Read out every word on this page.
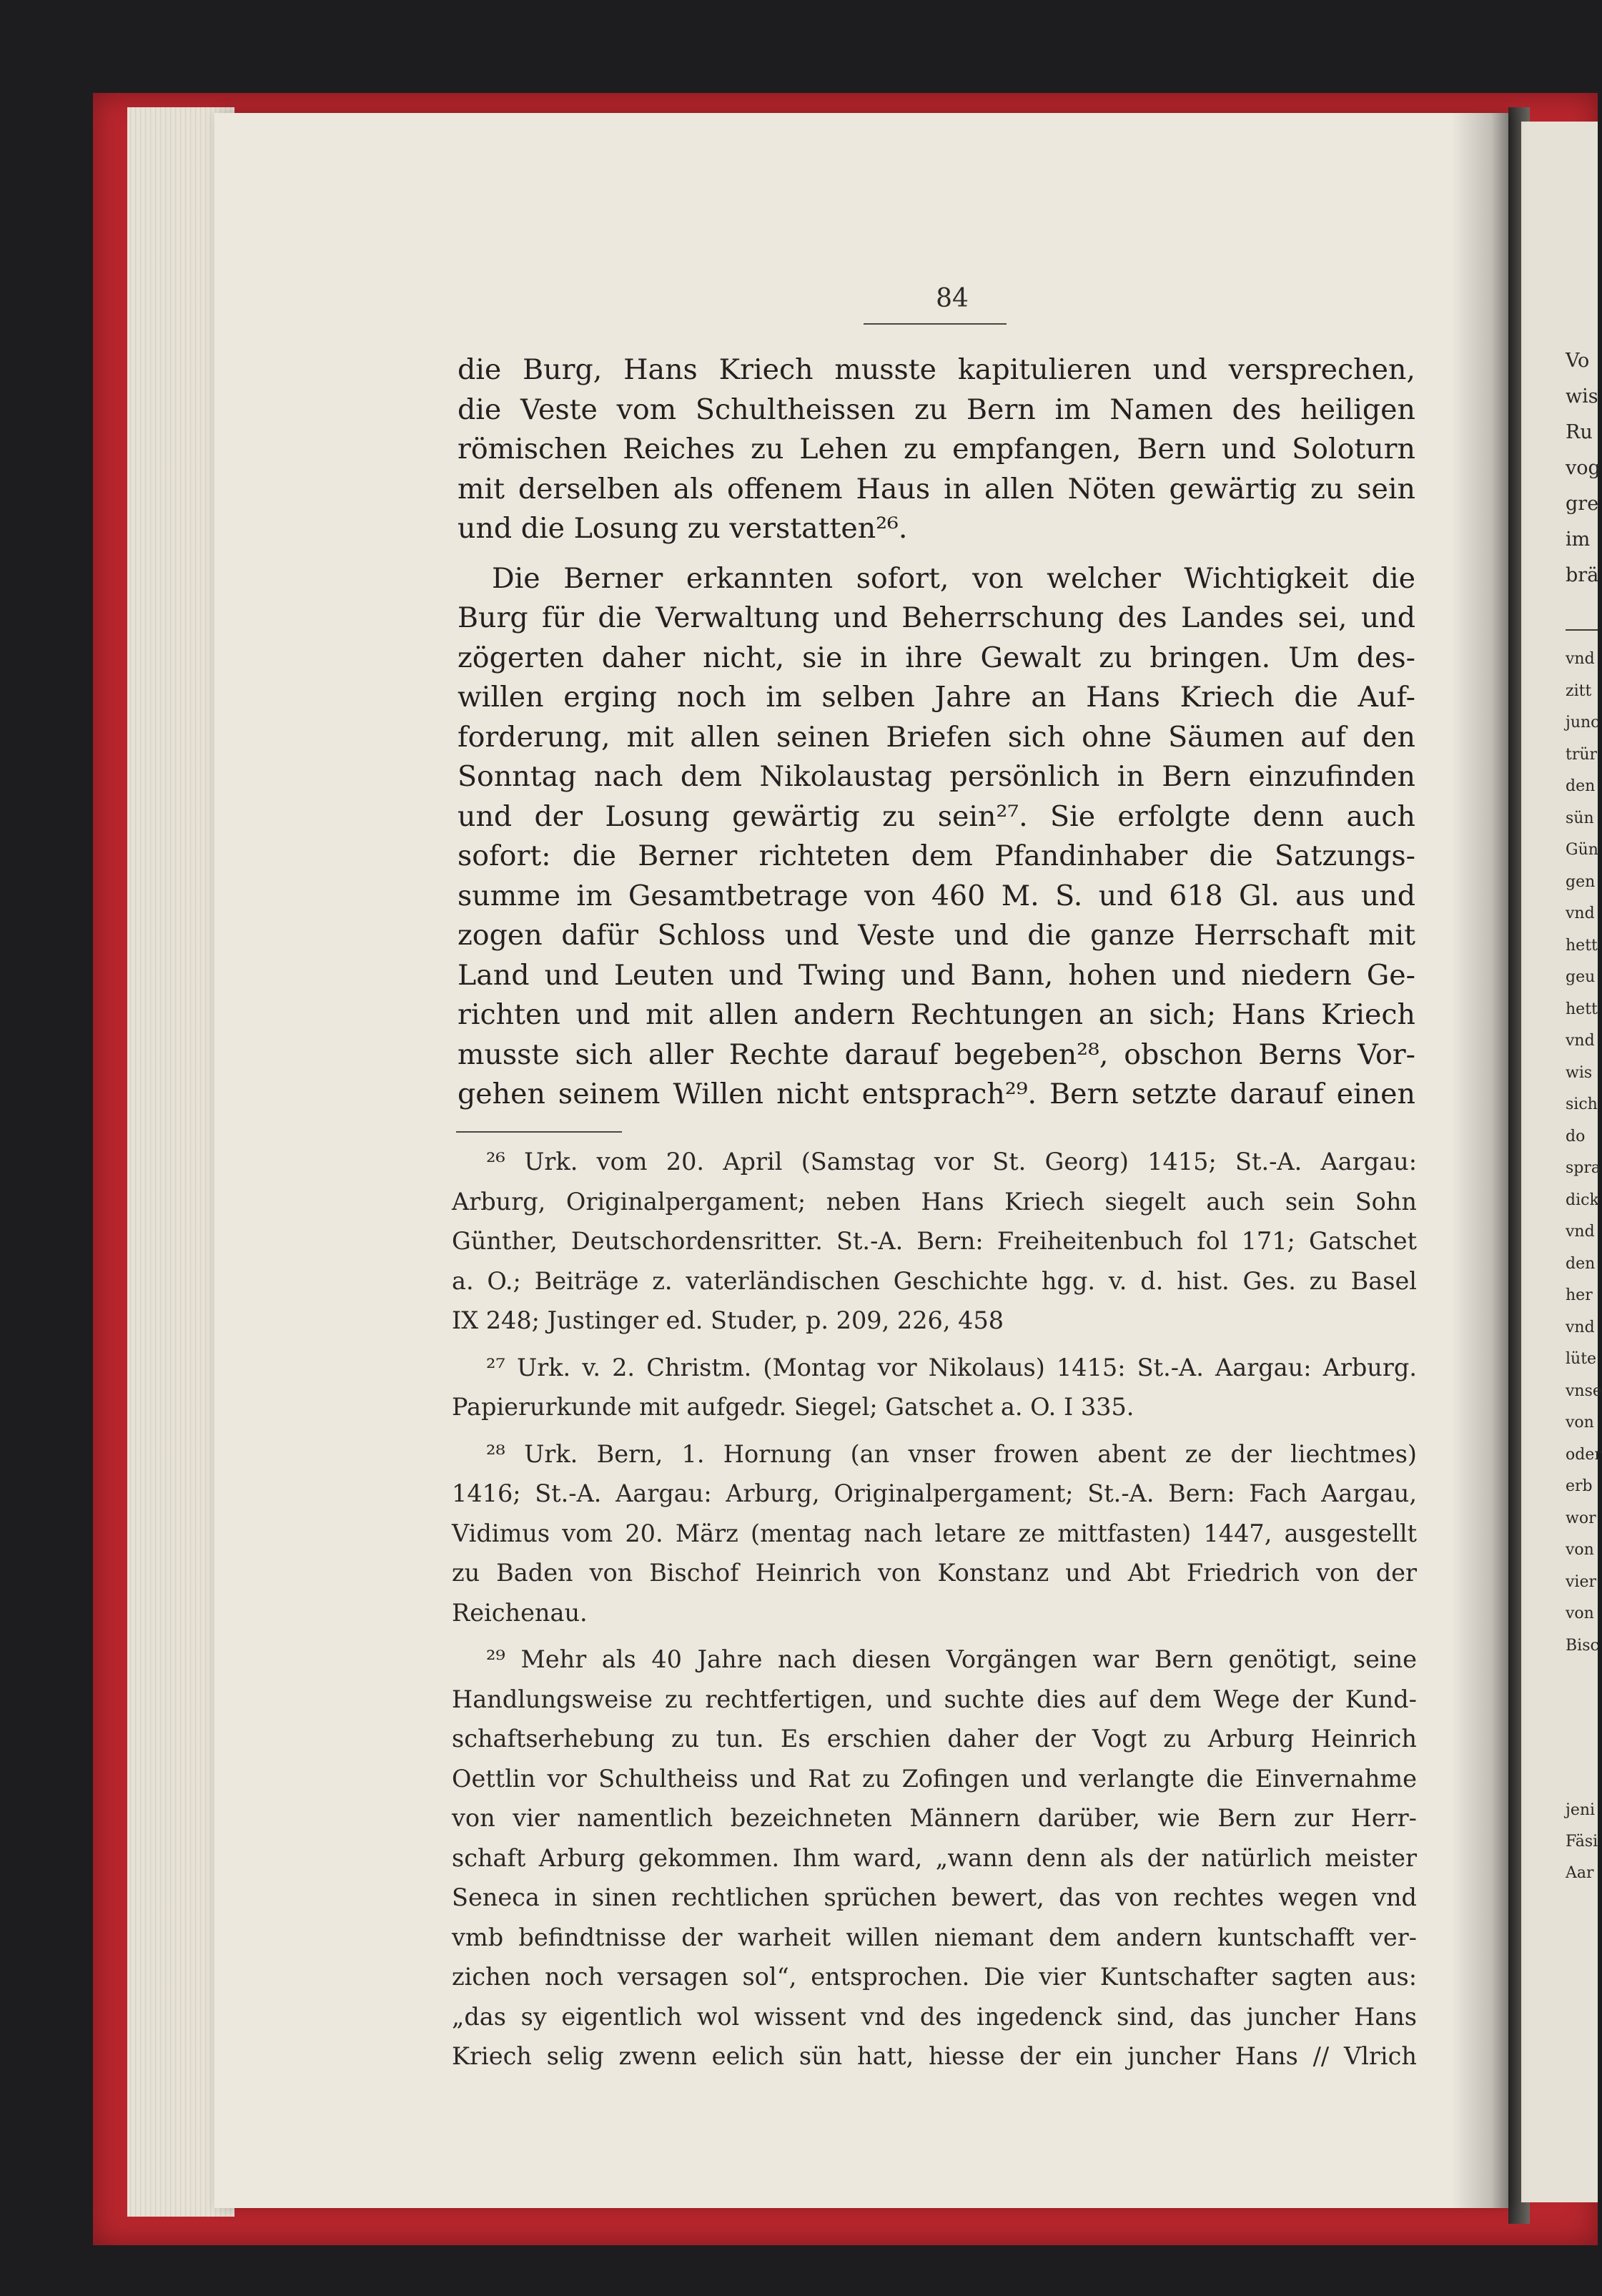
84
die Burg, Hans Kriech musste kapitulieren und versprechen,
die Veste vom Schultheissen zu Bern im Namen des heiligen
römischen Reiches zu Lehen zu empfangen, Bern und Soloturn
mit derselben als offenem Haus in allen Nöten gewärtig zu sein
und die Losung zu verstatten²⁶.
Die Berner erkannten sofort, von welcher Wichtigkeit die
Burg für die Verwaltung und Beherrschung des Landes sei, und
zögerten daher nicht, sie in ihre Gewalt zu bringen. Um des-
willen erging noch im selben Jahre an Hans Kriech die Auf-
forderung, mit allen seinen Briefen sich ohne Säumen auf den
Sonntag nach dem Nikolaustag persönlich in Bern einzufinden
und der Losung gewärtig zu sein²⁷. Sie erfolgte denn auch
sofort: die Berner richteten dem Pfandinhaber die Satzungs-
summe im Gesamtbetrage von 460 M. S. und 618 Gl. aus und
zogen dafür Schloss und Veste und die ganze Herrschaft mit
Land und Leuten und Twing und Bann, hohen und niedern Ge-
richten und mit allen andern Rechtungen an sich; Hans Kriech
musste sich aller Rechte darauf begeben²⁸, obschon Berns Vor-
gehen seinem Willen nicht entsprach²⁹. Bern setzte darauf einen
²⁶ Urk. vom 20. April (Samstag vor St. Georg) 1415; St.-A. Aargau:
Arburg, Originalpergament; neben Hans Kriech siegelt auch sein Sohn
Günther, Deutschordensritter. St.-A. Bern: Freiheitenbuch fol 171; Gatschet
a. O.; Beiträge z. vaterländischen Geschichte hgg. v. d. hist. Ges. zu Basel
IX 248; Justinger ed. Studer, p. 209, 226, 458
²⁷ Urk. v. 2. Christm. (Montag vor Nikolaus) 1415: St.-A. Aargau: Arburg.
Papierurkunde mit aufgedr. Siegel; Gatschet a. O. I 335.
²⁸ Urk. Bern, 1. Hornung (an vnser frowen abent ze der liechtmes)
1416; St.-A. Aargau: Arburg, Originalpergament; St.-A. Bern: Fach Aargau,
Vidimus vom 20. März (mentag nach letare ze mittfasten) 1447, ausgestellt
zu Baden von Bischof Heinrich von Konstanz und Abt Friedrich von der
Reichenau.
²⁹ Mehr als 40 Jahre nach diesen Vorgängen war Bern genötigt, seine
Handlungsweise zu rechtfertigen, und suchte dies auf dem Wege der Kund-
schaftserhebung zu tun. Es erschien daher der Vogt zu Arburg Heinrich
Oettlin vor Schultheiss und Rat zu Zofingen und verlangte die Einvernahme
von vier namentlich bezeichneten Männern darüber, wie Bern zur Herr-
schaft Arburg gekommen. Ihm ward, „wann denn als der natürlich meister
Seneca in sinen rechtlichen sprüchen bewert, das von rechtes wegen vnd
vmb befindtnisse der warheit willen niemant dem andern kuntschafft ver-
zichen noch versagen sol“, entsprochen. Die vier Kuntschafter sagten aus:
„das sy eigentlich wol wissent vnd des ingedenck sind, das juncher Hans
Kriech selig zwenn eelich sün hatt, hiesse der ein juncher Hans // Vlrich
Vo
wis
Ru
vog
gre
im
brä
vnd
zitt
junc
trür
den
sün
Gün
gen
vnd
hett
geu
hett
vnd
wis
sich
do
spra
dick
vnd
den
her
vnd
lüte
vnse
von
oder
erb
wor
von
vier
von
Bisc
jeni
Fäsi
Aar
